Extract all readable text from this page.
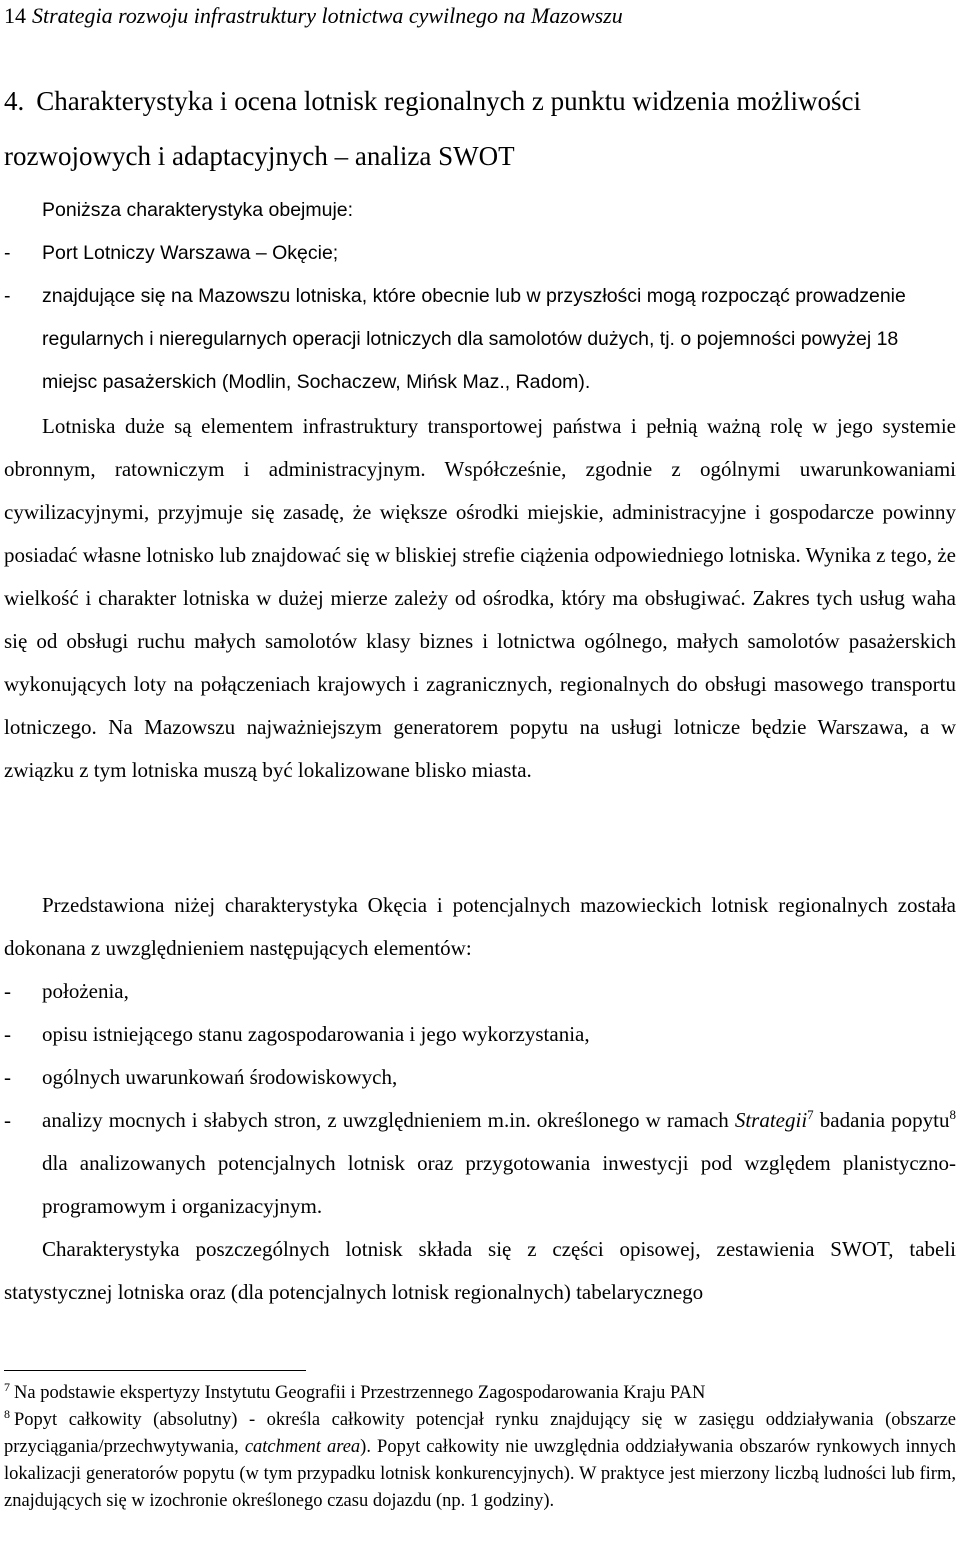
14 Strategia rozwoju infrastruktury lotnictwa cywilnego na Mazowszu
4. Charakterystyka i ocena lotnisk regionalnych z punktu widzenia możliwości rozwojowych i adaptacyjnych – analiza SWOT
Poniższa charakterystyka obejmuje:
-	Port Lotniczy Warszawa – Okęcie;
-	znajdujące się na Mazowszu lotniska, które obecnie lub w przyszłości mogą rozpocząć prowadzenie regularnych i nieregularnych operacji lotniczych dla samolotów dużych, tj. o pojemności powyżej 18 miejsc pasażerskich (Modlin, Sochaczew, Mińsk Maz., Radom).
Lotniska duże są elementem infrastruktury transportowej państwa i pełnią ważną rolę w jego systemie obronnym, ratowniczym i administracyjnym. Współcześnie, zgodnie z ogólnymi uwarunkowaniami cywilizacyjnymi, przyjmuje się zasadę, że większe ośrodki miejskie, administracyjne i gospodarcze powinny posiadać własne lotnisko lub znajdować się w bliskiej strefie ciążenia odpowiedniego lotniska. Wynika z tego, że wielkość i charakter lotniska w dużej mierze zależy od ośrodka, który ma obsługiwać. Zakres tych usług waha się od obsługi ruchu małych samolotów klasy biznes i lotnictwa ogólnego, małych samolotów pasażerskich wykonujących loty na połączeniach krajowych i zagranicznych, regionalnych do obsługi masowego transportu lotniczego. Na Mazowszu najważniejszym generatorem popytu na usługi lotnicze będzie Warszawa, a w związku z tym lotniska muszą być lokalizowane blisko miasta.
Przedstawiona niżej charakterystyka Okęcia i potencjalnych mazowieckich lotnisk regionalnych została dokonana z uwzględnieniem następujących elementów:
-	położenia,
-	opisu istniejącego stanu zagospodarowania i jego wykorzystania,
-	ogólnych uwarunkowań środowiskowych,
-	analizy mocnych i słabych stron, z uwzględnieniem m.in. określonego w ramach Strategii$^7$ badania popytu$^8$ dla analizowanych potencjalnych lotnisk oraz przygotowania inwestycji pod względem planistyczno-programowym i organizacyjnym.
Charakterystyka poszczególnych lotnisk składa się z części opisowej, zestawienia SWOT, tabeli statystycznej lotniska oraz (dla potencjalnych lotnisk regionalnych) tabelarycznego
$^7$ Na podstawie ekspertyzy Instytutu Geografii i Przestrzennego Zagospodarowania Kraju PAN
$^8$ Popyt całkowity (absolutny) - określa całkowity potencjał rynku znajdujący się w zasięgu oddziaływania (obszarze przyciągania/przechwytywania, catchment area). Popyt całkowity nie uwzględnia oddziaływania obszarów rynkowych innych lokalizacji generatorów popytu (w tym przypadku lotnisk konkurencyjnych). W praktyce jest mierzony liczbą ludności lub firm, znajdujących się w izochronie określonego czasu dojazdu (np. 1 godziny).
